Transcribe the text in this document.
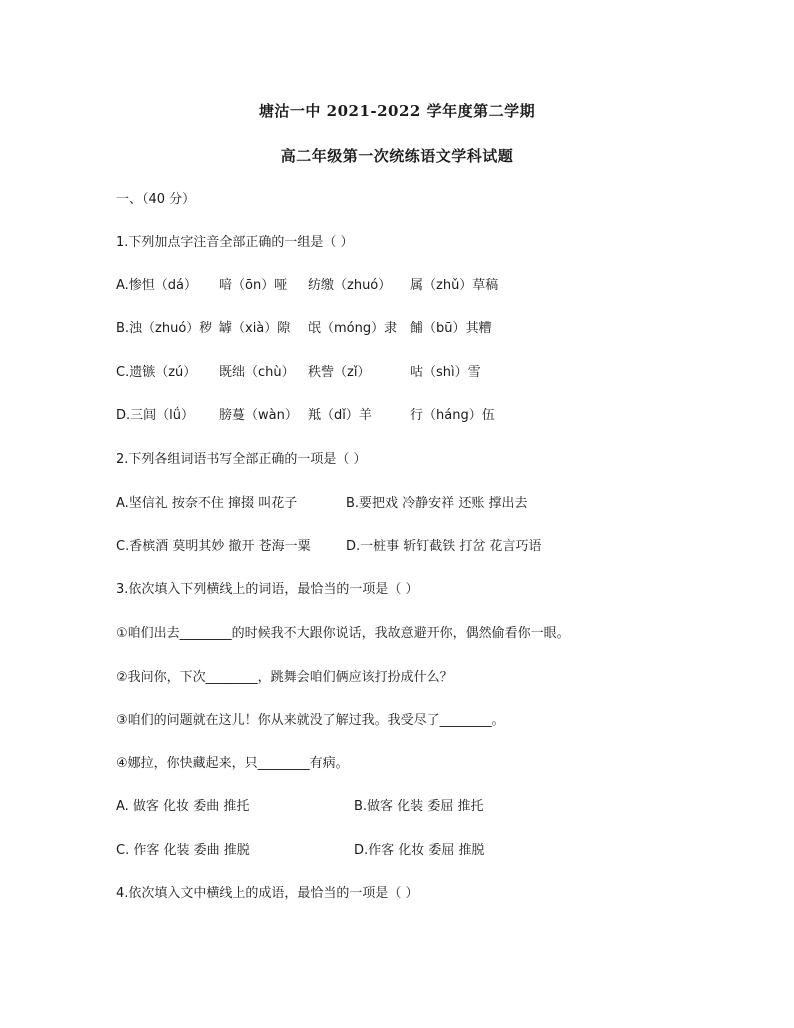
塘沽一中 2021-2022 学年度第二学期
高二年级第一次统练语文学科试题
一、（40 分）
1.下列加点字注音全部正确的一组是（ ）
A.惨怛（dá） 喑（ōn）哑 纺缴（zhuó） 属（zhǔ）草稿
B.浊（zhuó）秽 罅（xià）隙 氓（móng）隶 餔（bū）其糟
C.遗镞（zú） 既绌（chù） 秩訾（zǐ）	咕（shì）雪
D.三闾（lǘ） 膀蔓（wàn） 羝（dǐ）羊	行（háng）伍
2.下列各组词语书写全部正确的一项是（ ）
A.坚信礼 按奈不住 撺掇 叫花子	B.要把戏 冷静安祥 还账 撑出去
C.香槟酒 莫明其妙 撤开 苍海一粟	D.一桩事 斩钉截铁 打岔 花言巧语
3.依次填入下列横线上的词语，最恰当的一项是（ ）
①咱们出去________的时候我不大跟你说话，我故意避开你，偶然偷看你一眼。
②我问你，下次________，跳舞会咱们俩应该打扮成什么？
③咱们的问题就在这儿！你从来就没了解过我。我受尽了________。
④娜拉，你快藏起来，只________有病。
A. 做客 化妆 委曲 推托	B.做客 化装 委屈 推托
C. 作客 化装 委曲 推脱	D.作客 化妆 委屈 推脱
4.依次填入文中横线上的成语，最恰当的一项是（ ）
